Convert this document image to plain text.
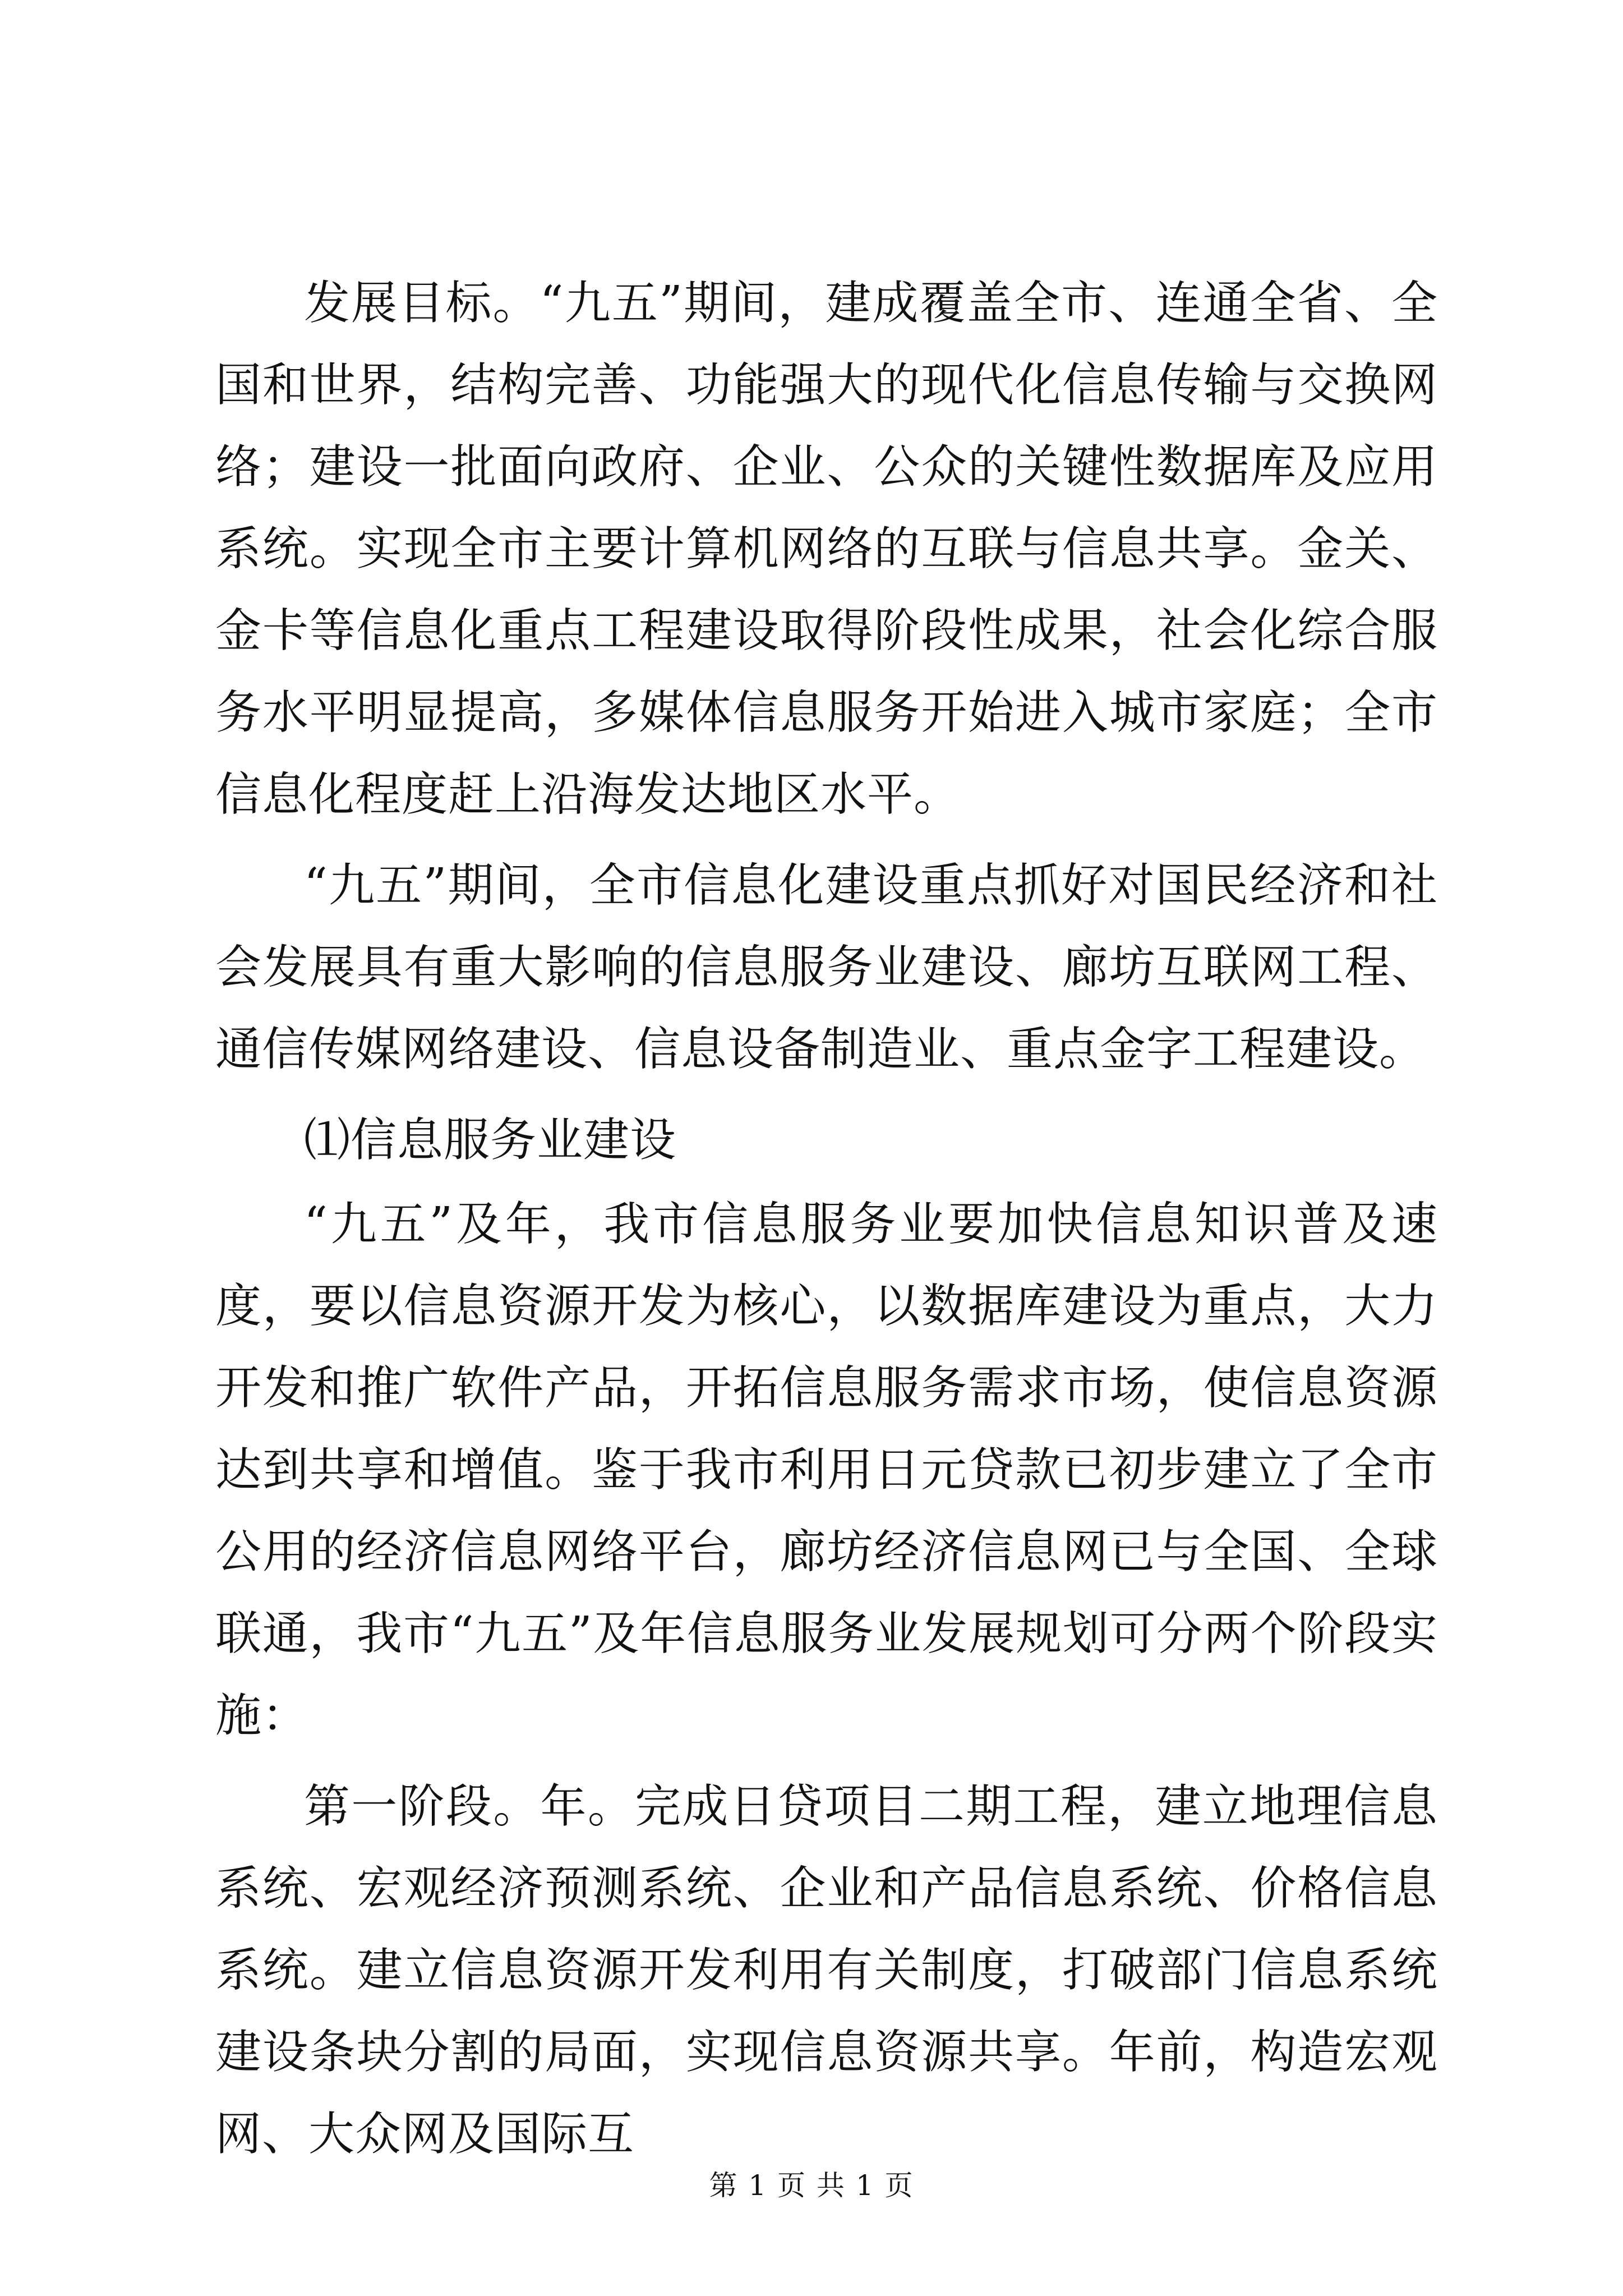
发展目标。“九五”期间，建成覆盖全市、连通全省、全国和世界，结构完善、功能强大的现代化信息传输与交换网络；建设一批面向政府、企业、公众的关键性数据库及应用系统。实现全市主要计算机网络的互联与信息共享。金关、金卡等信息化重点工程建设取得阶段性成果，社会化综合服务水平明显提高，多媒体信息服务开始进入城市家庭；全市信息化程度赶上沿海发达地区水平。

“九五”期间，全市信息化建设重点抓好对国民经济和社会发展具有重大影响的信息服务业建设、廊坊互联网工程、通信传媒网络建设、信息设备制造业、重点金字工程建设。

⑴信息服务业建设

“九五”及年，我市信息服务业要加快信息知识普及速度，要以信息资源开发为核心，以数据库建设为重点，大力开发和推广软件产品，开拓信息服务需求市场，使信息资源达到共享和增值。鉴于我市利用日元贷款已初步建立了全市公用的经济信息网络平台，廊坊经济信息网已与全国、全球联通，我市“九五”及年信息服务业发展规划可分两个阶段实施：

第一阶段。年。完成日贷项目二期工程，建立地理信息系统、宏观经济预测系统、企业和产品信息系统、价格信息系统。建立信息资源开发利用有关制度，打破部门信息系统建设条块分割的局面，实现信息资源共享。年前，构造宏观网、大众网及国际互

第 1 页 共 1 页
